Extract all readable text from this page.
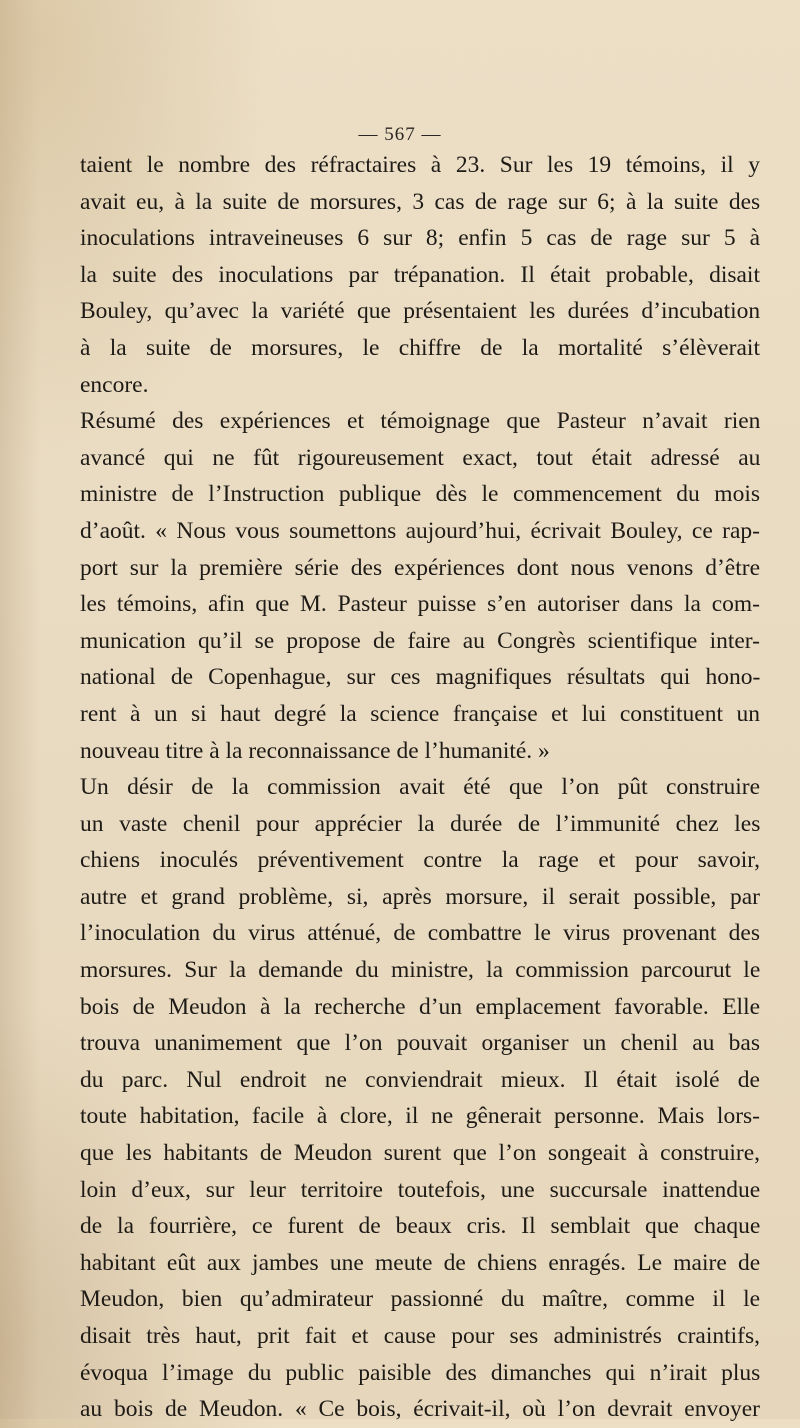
— 567 —

taient le nombre des réfractaires à 23. Sur les 19 témoins, il y
avait eu, à la suite de morsures, 3 cas de rage sur 6; à la suite des
inoculations intraveineuses 6 sur 8; enfin 5 cas de rage sur 5 à
la suite des inoculations par trépanation. Il était probable, disait
Bouley, qu’avec la variété que présentaient les durées d’incubation
à la suite de morsures, le chiffre de la mortalité s’élèverait
encore.

Résumé des expériences et témoignage que Pasteur n’avait rien
avancé qui ne fût rigoureusement exact, tout était adressé au
ministre de l’Instruction publique dès le commencement du mois
d’août. « Nous vous soumettons aujourd’hui, écrivait Bouley, ce rap-
port sur la première série des expériences dont nous venons d’être
les témoins, afin que M. Pasteur puisse s’en autoriser dans la com-
munication qu’il se propose de faire au Congrès scientifique inter-
national de Copenhague, sur ces magnifiques résultats qui hono-
rent à un si haut degré la science française et lui constituent un
nouveau titre à la reconnaissance de l’humanité. »

Un désir de la commission avait été que l’on pût construire
un vaste chenil pour apprécier la durée de l’immunité chez les
chiens inoculés préventivement contre la rage et pour savoir,
autre et grand problème, si, après morsure, il serait possible, par
l’inoculation du virus atténué, de combattre le virus provenant des
morsures. Sur la demande du ministre, la commission parcourut le
bois de Meudon à la recherche d’un emplacement favorable. Elle
trouva unanimement que l’on pouvait organiser un chenil au bas
du parc. Nul endroit ne conviendrait mieux. Il était isolé de
toute habitation, facile à clore, il ne gênerait personne. Mais lors-
que les habitants de Meudon surent que l’on songeait à construire,
loin d’eux, sur leur territoire toutefois, une succursale inattendue
de la fourrière, ce furent de beaux cris. Il semblait que chaque
habitant eût aux jambes une meute de chiens enragés. Le maire de
Meudon, bien qu’admirateur passionné du maître, comme il le
disait très haut, prit fait et cause pour ses administrés craintifs,
évoqua l’image du public paisible des dimanches qui n’irait plus
au bois de Meudon. « Ce bois, écrivait-il, où l’on devrait envoyer
